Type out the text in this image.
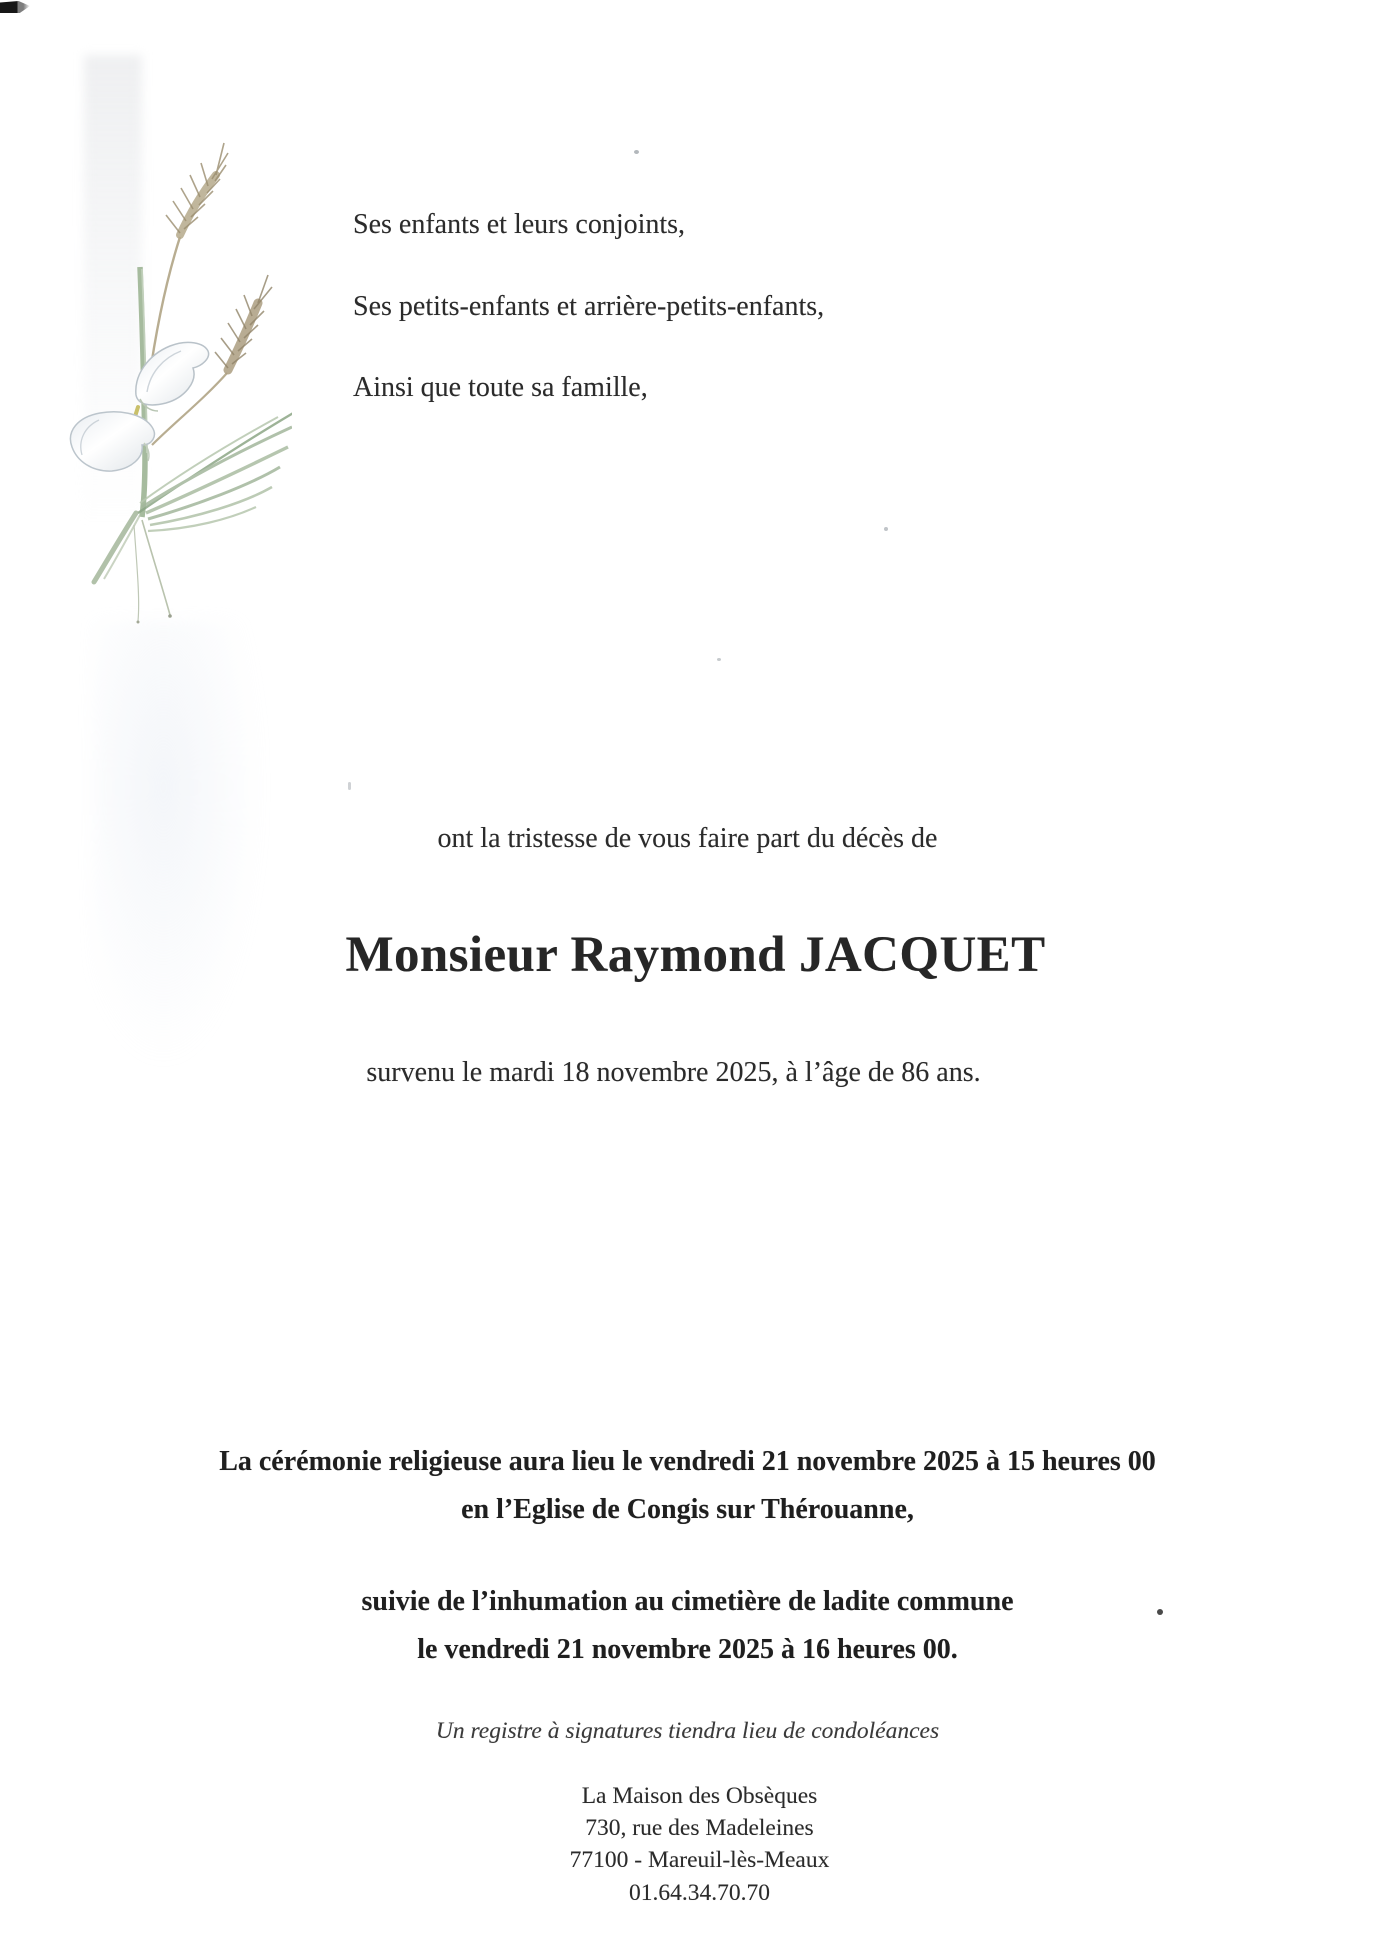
Ses enfants et leurs conjoints,
Ses petits-enfants et arrière-petits-enfants,
Ainsi que toute sa famille,
ont la tristesse de vous faire part du décès de
Monsieur Raymond JACQUET
survenu le mardi 18 novembre 2025, à l’âge de 86 ans.
La cérémonie religieuse aura lieu le vendredi 21 novembre 2025 à 15 heures 00
en l’Eglise de Congis sur Thérouanne,
suivie de l’inhumation au cimetière de ladite commune
le vendredi 21 novembre 2025 à 16 heures 00.
Un registre à signatures tiendra lieu de condoléances
La Maison des Obsèques
730, rue des Madeleines
77100 - Mareuil-lès-Meaux
01.64.34.70.70
